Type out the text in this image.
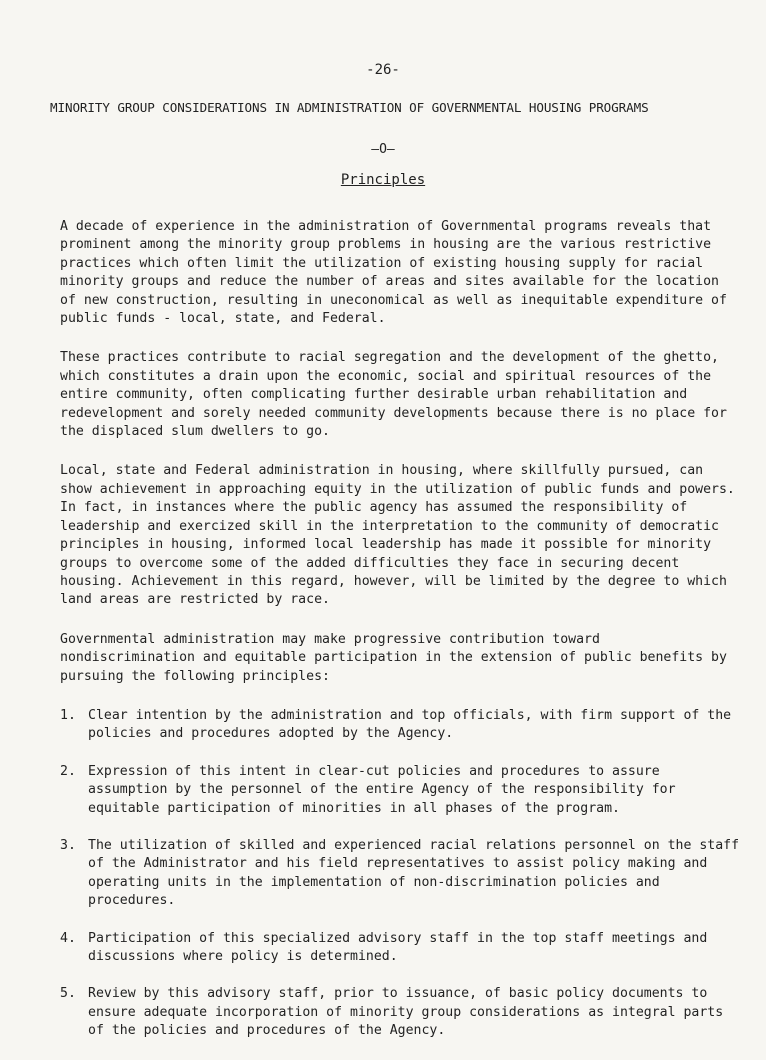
-26-
MINORITY GROUP CONSIDERATIONS IN ADMINISTRATION OF GOVERNMENTAL HOUSING PROGRAMS
—O—
Principles

A decade of experience in the administration of Governmental programs reveals that prominent among the minority group problems in housing are the various restrictive practices which often limit the utilization of existing housing supply for racial minority groups and reduce the number of areas and sites available for the location of new construction, resulting in uneconomical as well as inequitable expenditure of public funds - local, state, and Federal.

These practices contribute to racial segregation and the development of the ghetto, which constitutes a drain upon the economic, social and spiritual resources of the entire community, often complicating further desirable urban rehabilitation and redevelopment and sorely needed community developments because there is no place for the displaced slum dwellers to go.

Local, state and Federal administration in housing, where skillfully pursued, can show achievement in approaching equity in the utilization of public funds and powers. In fact, in instances where the public agency has assumed the responsibility of leadership and exercized skill in the interpretation to the community of democratic principles in housing, informed local leadership has made it possible for minority groups to overcome some of the added difficulties they face in securing decent housing. Achievement in this regard, however, will be limited by the degree to which land areas are restricted by race.

Governmental administration may make progressive contribution toward nondiscrimination and equitable participation in the extension of public benefits by pursuing the following principles:

1. Clear intention by the administration and top officials, with firm support of the policies and procedures adopted by the Agency.
2. Expression of this intent in clear-cut policies and procedures to assure assumption by the personnel of the entire Agency of the responsibility for equitable participation of minorities in all phases of the program.
3. The utilization of skilled and experienced racial relations personnel on the staff of the Administrator and his field representatives to assist policy making and operating units in the implementation of non-discrimination policies and procedures.
4. Participation of this specialized advisory staff in the top staff meetings and discussions where policy is determined.
5. Review by this advisory staff, prior to issuance, of basic policy documents to ensure adequate incorporation of minority group considerations as integral parts of the policies and procedures of the Agency.
